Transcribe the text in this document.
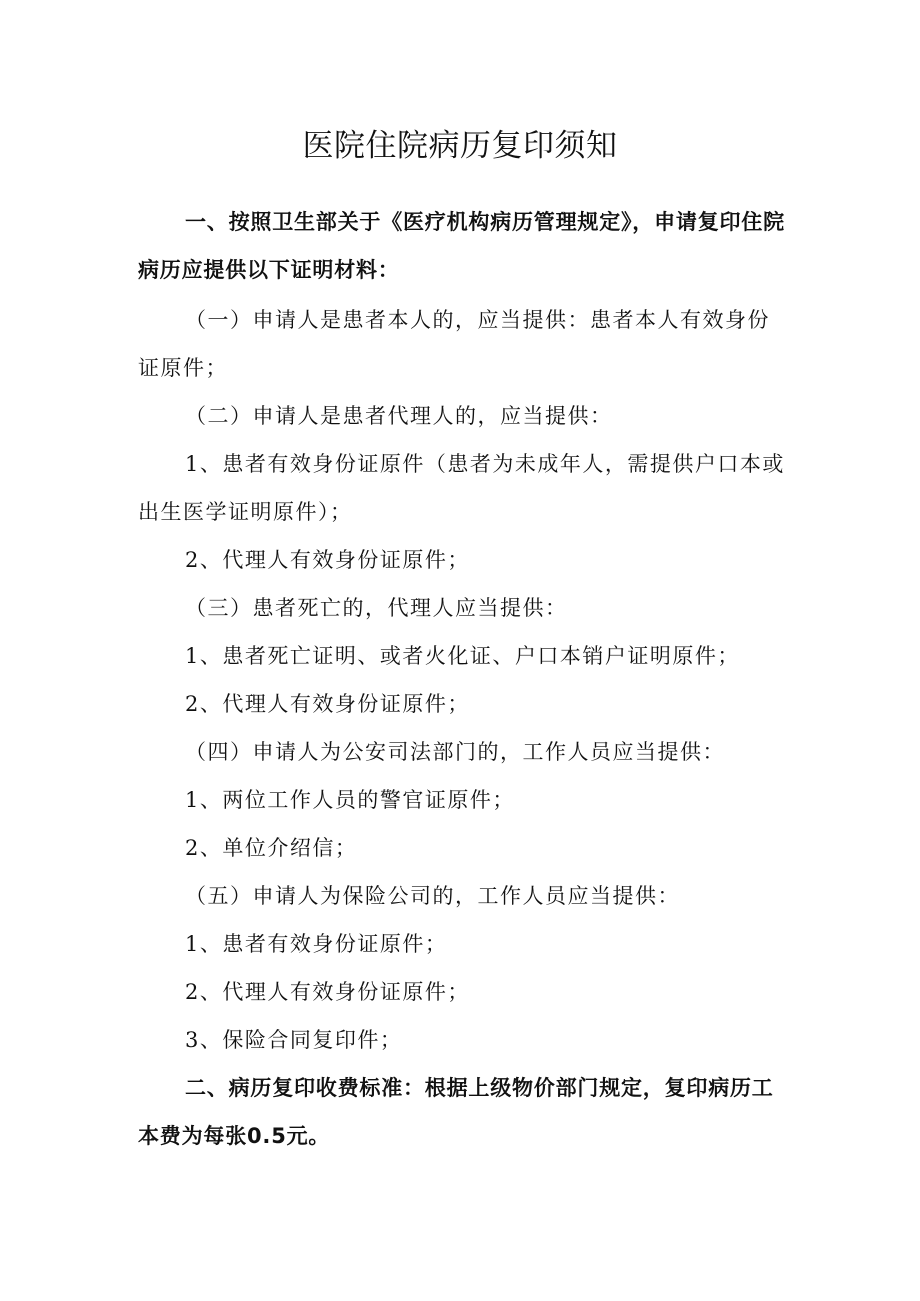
医院住院病历复印须知

一、按照卫生部关于《医疗机构病历管理规定》，申请复印住院病历应提供以下证明材料：

（一）申请人是患者本人的，应当提供：患者本人有效身份证原件；

（二）申请人是患者代理人的，应当提供：

1、患者有效身份证原件（患者为未成年人，需提供户口本或出生医学证明原件）；

2、代理人有效身份证原件；

（三）患者死亡的，代理人应当提供：

1、患者死亡证明、或者火化证、户口本销户证明原件；

2、代理人有效身份证原件；

（四）申请人为公安司法部门的，工作人员应当提供：

1、两位工作人员的警官证原件；

2、单位介绍信；

（五）申请人为保险公司的，工作人员应当提供：

1、患者有效身份证原件；

2、代理人有效身份证原件；

3、保险合同复印件；

二、病历复印收费标准：根据上级物价部门规定，复印病历工本费为每张0.5元。
